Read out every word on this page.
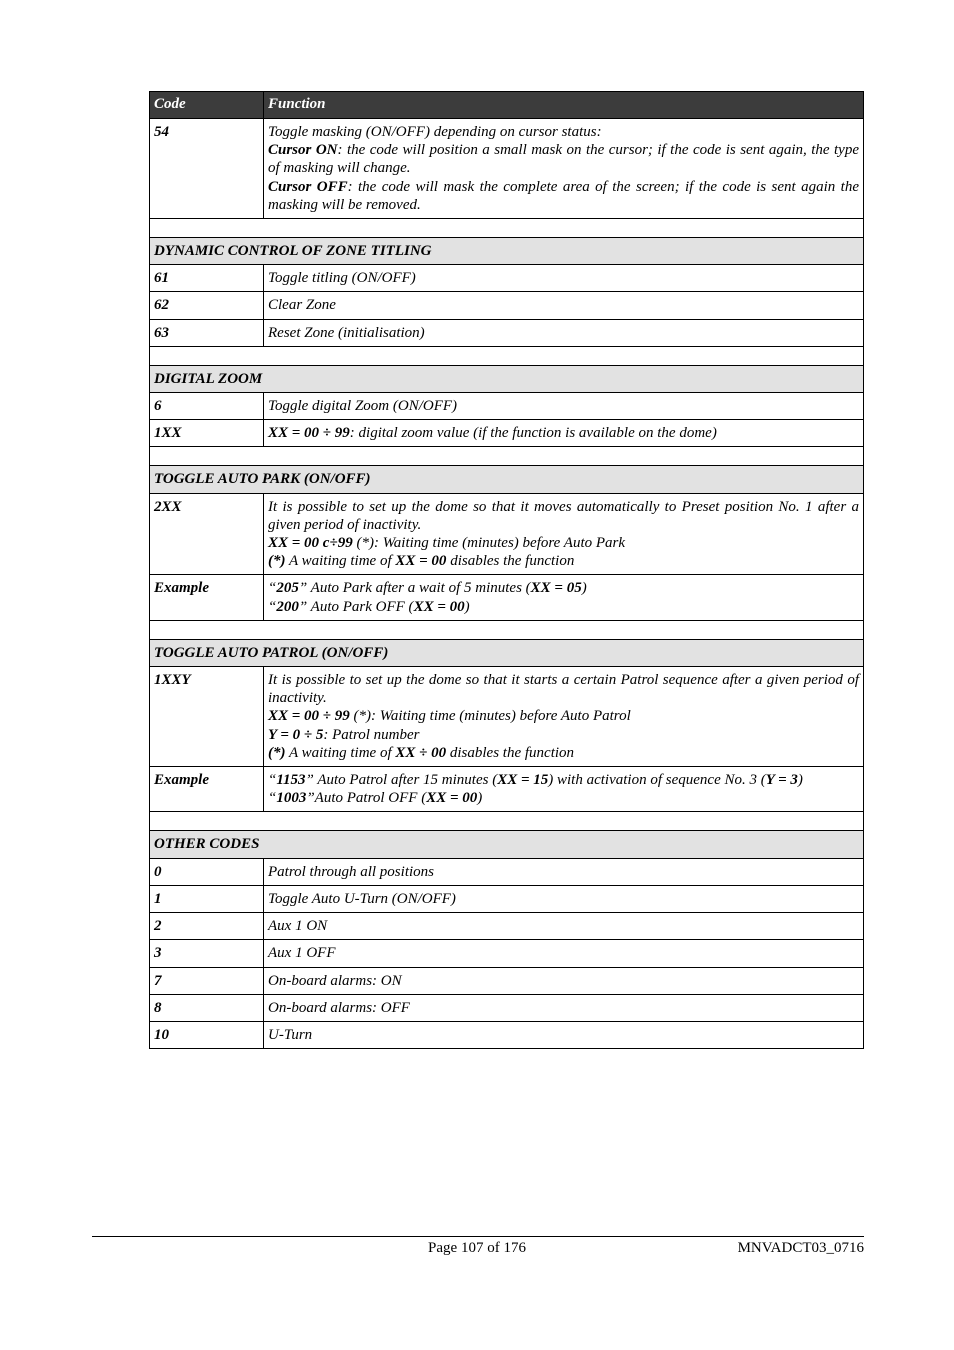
Code	Function
54	Toggle masking (ON/OFF) depending on cursor status:
Cursor ON: the code will position a small mask on the cursor; if the code is sent again, the type of masking will change.
Cursor OFF: the code will mask the complete area of the screen; if the code is sent again the masking will be removed.

DYNAMIC CONTROL OF ZONE TITLING	
61	Toggle titling (ON/OFF)
62	Clear Zone
63	Reset Zone (initialisation)

DIGITAL ZOOM	
6	Toggle digital Zoom (ON/OFF)
1XX	XX = 00 ÷ 99: digital zoom value (if the function is available on the dome)

TOGGLE AUTO PARK (ON/OFF)	
2XX	It is possible to set up the dome so that it moves automatically to Preset position No. 1 after a given period of inactivity.
XX = 00 c÷99 (*): Waiting time (minutes) before Auto Park
(*) A waiting time of XX = 00 disables the function

Example	“205” Auto Park after a wait of 5 minutes (XX = 05)
“200” Auto Park OFF (XX = 00)

TOGGLE AUTO PATROL (ON/OFF)	
1XXY	It is possible to set up the dome so that it starts a certain Patrol sequence after a given period of inactivity.
XX = 00 ÷ 99 (*): Waiting time (minutes) before Auto Patrol
Y = 0 ÷ 5: Patrol number
(*) A waiting time of XX ÷ 00 disables the function

Example	“1153” Auto Patrol after 15 minutes (XX = 15) with activation of sequence No. 3 (Y = 3)
“1003”Auto Patrol OFF (XX = 00)

OTHER CODES	
0	Patrol through all positions
1	Toggle Auto U-Turn (ON/OFF)
2	Aux 1 ON
3	Aux 1 OFF
7	On-board alarms: ON
8	On-board alarms: OFF
10	U-Turn
Page 107 of 176	MNVADCT03_0716
